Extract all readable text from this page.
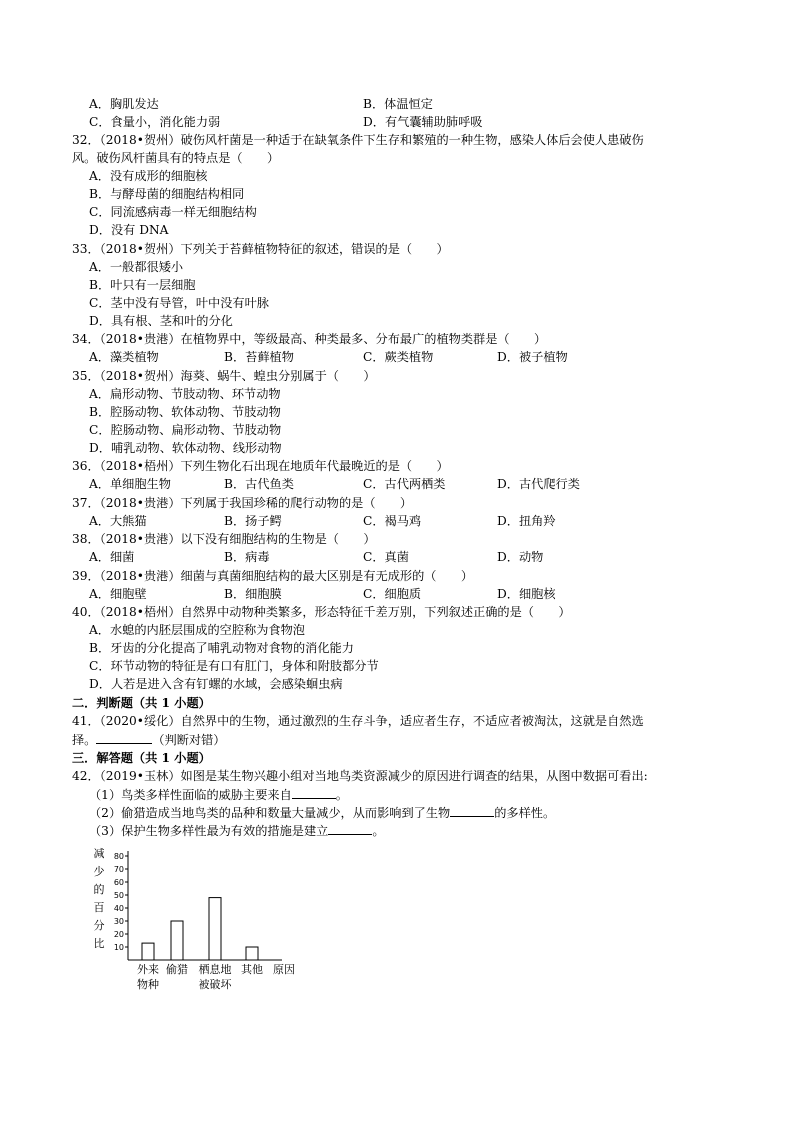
A．胸肌发达	B．体温恒定
C．食量小，消化能力弱	D．有气囊辅助肺呼吸
32．（2018•贺州）破伤风杆菌是一种适于在缺氧条件下生存和繁殖的一种生物，感染人体后会使人患破伤
风。破伤风杆菌具有的特点是（　　）
A．没有成形的细胞核
B．与酵母菌的细胞结构相同
C．同流感病毒一样无细胞结构
D．没有 DNA
33．（2018•贺州）下列关于苔藓植物特征的叙述，错误的是（　　）
A．一般都很矮小
B．叶只有一层细胞
C．茎中没有导管，叶中没有叶脉
D．具有根、茎和叶的分化
34．（2018•贵港）在植物界中，等级最高、种类最多、分布最广的植物类群是（　　）
A．藻类植物	B．苔藓植物	C．蕨类植物	D．被子植物
35．（2018•贺州）海葵、蜗牛、蝗虫分别属于（　　）
A．扁形动物、节肢动物、环节动物
B．腔肠动物、软体动物、节肢动物
C．腔肠动物、扁形动物、节肢动物
D．哺乳动物、软体动物、线形动物
36．（2018•梧州）下列生物化石出现在地质年代最晚近的是（　　）
A．单细胞生物	B．古代鱼类	C．古代两栖类	D．古代爬行类
37．（2018•贵港）下列属于我国珍稀的爬行动物的是（　　）
A．大熊猫	B．扬子鳄	C．褐马鸡	D．扭角羚
38．（2018•贵港）以下没有细胞结构的生物是（　　）
A．细菌	B．病毒	C．真菌	D．动物
39．（2018•贵港）细菌与真菌细胞结构的最大区别是有无成形的（　　）
A．细胞壁	B．细胞膜	C．细胞质	D．细胞核
40．（2018•梧州）自然界中动物种类繁多，形态特征千差万别，下列叙述正确的是（　　）
A．水螅的内胚层围成的空腔称为食物泡
B．牙齿的分化提高了哺乳动物对食物的消化能力
C．环节动物的特征是有口有肛门，身体和附肢都分节
D．人若是进入含有钉螺的水域，会感染蛔虫病
二．判断题（共 1 小题）
41．（2020•绥化）自然界中的生物，通过激烈的生存斗争，适应者生存，不适应者被淘汰，这就是自然选
择。	（判断对错）
三．解答题（共 1 小题）
42．（2019•玉林）如图是某生物兴趣小组对当地鸟类资源减少的原因进行调查的结果，从图中数据可看出:
（1）鸟类多样性面临的威胁主要来自	。
（2）偷猎造成当地鸟类的品种和数量大量减少，从而影响到了生物	的多样性。
（3）保护生物多样性最为有效的措施是建立	。
10
20
30
40
50
60
70
80
减
少
的
百
分
比
外来
物种
偷猎 栖息地
被破坏
其他 原因
